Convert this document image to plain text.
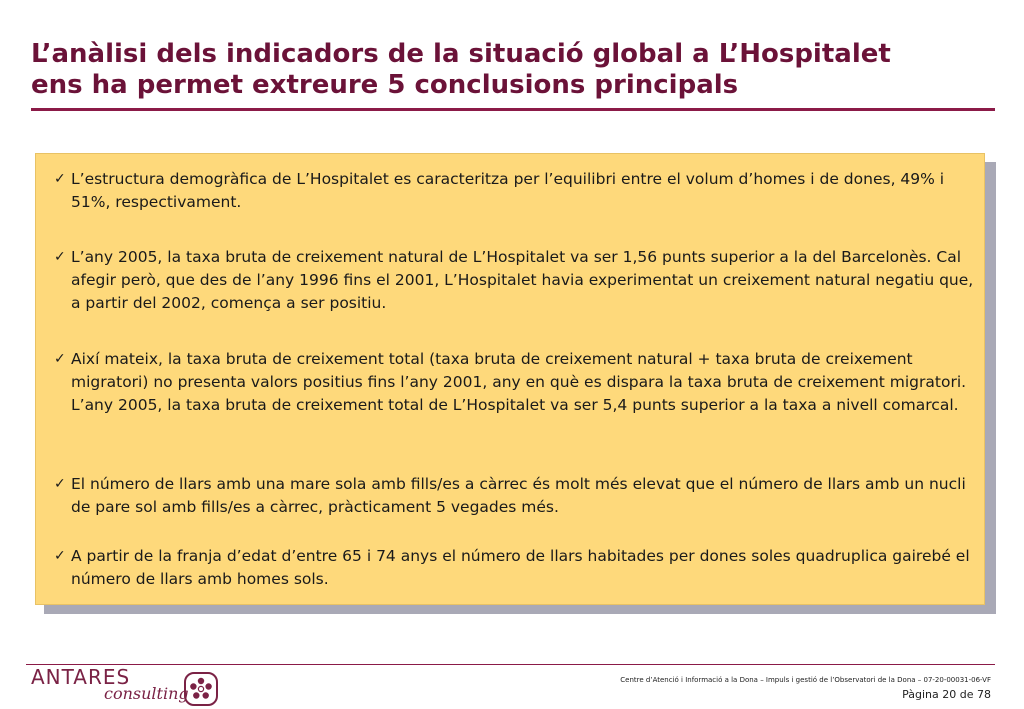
L’anàlisi dels indicadors de la situació global a L’Hospitalet
ens ha permet extreure 5 conclusions principals
✓ L’estructura demogràfica de L’Hospitalet es caracteritza per l’equilibri entre el volum d’homes i de dones, 49% i 51%, respectivament.
✓ L’any 2005, la taxa bruta de creixement natural de L’Hospitalet va ser 1,56 punts superior a la del Barcelonès. Cal afegir però, que des de l’any 1996 fins el 2001, L’Hospitalet havia experimentat un creixement natural negatiu que, a partir del 2002, comença a ser positiu.
✓ Així mateix, la taxa bruta de creixement total (taxa bruta de creixement natural + taxa bruta de creixement migratori) no presenta valors positius fins l’any 2001, any en què es dispara la taxa bruta de creixement migratori. L’any 2005, la taxa bruta de creixement total de L’Hospitalet va ser 5,4 punts superior a la taxa a nivell comarcal.
✓ El número de llars amb una mare sola amb fills/es a càrrec és molt més elevat que el número de llars amb un nucli de pare sol amb fills/es a càrrec, pràcticament 5 vegades més.
✓ A partir de la franja d’edat d’entre 65 i 74 anys el número de llars habitades per dones soles quadruplica gairebé el número de llars amb homes sols.
ANTARES
consulting
Centre d’Atenció i Informació a la Dona – Impuls i gestió de l’Observatori de la Dona – 07-20-00031-06-VF
Pàgina 20 de 78
